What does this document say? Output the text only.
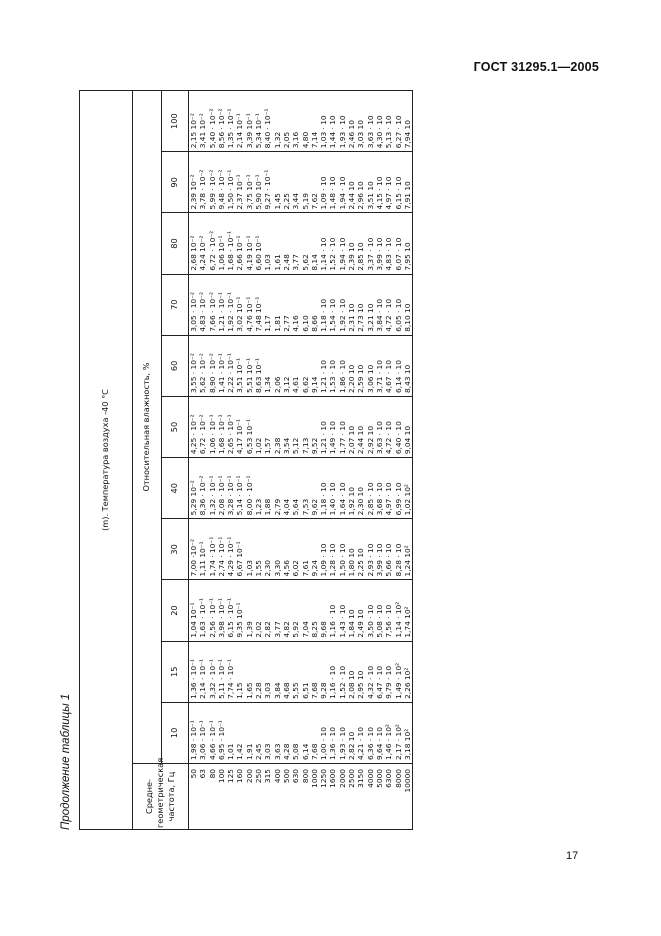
ГОСТ 31295.1—2005
Продолжение таблицы 1
(m). Температура воздуха -40 °С											
Средне-
геометрическая
частота, Гц	Относительная влажность, %										
	10	15	20	30	40	50	60	70	80	90	100
50	1,98 · 10⁻¹	1,36 · 10⁻¹	1,04 10⁻¹	7,00 ·10⁻²	5,29 10⁻²	4,25 · 10⁻²	3,55 · 10⁻²	3,05 · 10⁻²	2,68 10⁻²	2,39 10⁻²	2,15 10⁻²
63	3,06 · 10⁻¹	2,14 · 10⁻¹	1,63 · 10⁻¹	1,11 10⁻¹	8,36 · 10⁻²	6,72 · 10⁻²	5,62 · 10⁻²	4,83 · 10⁻²	4,24 10⁻²	3,78 · 10⁻²	3,41 10⁻²
80	4,66 · 10⁻¹	3,32 · 10⁻¹	2,56 · 10⁻¹	1,74 · 10⁻¹	1,32 · 10⁻¹	1,06 · 10⁻¹	8,90 · 10⁻²	7,66 · 10⁻²	6,72 · 10⁻²	5,99 · 10⁻²	5,40 · 10⁻²
100	6,95 · 10⁻¹	5,11 · 10⁻¹	3,98 · 10⁻¹	2,74 · 10⁻¹	2,08 · 10⁻¹	1,68 · 10⁻¹	1,41 · 10⁻¹	1,21 · 10⁻¹	1,06 10⁻¹	9,48 · 10⁻²	8,56 · 10⁻²
125	1,01	7,74 · 10⁻¹	6,15 · 10⁻¹	4,29 · 10⁻¹	3,28 · 10⁻¹	2,65 · 10⁻¹	2,22 · 10⁻¹	1,92 · 10⁻¹	1,68 · 10⁻¹	1,50 · 10⁻¹	1,35 · 10⁻¹
160	1,42	1,15	9,35 10⁻¹	6,67 10⁻¹	5,14 · 10⁻¹	4,17 10⁻¹	3,51 10⁻¹	3,02 10⁻¹	2,66 10⁻¹	2,37 10⁻¹	2,14 10⁻¹
200	1,91	1,65	1,39	1,03	8,00 · 10⁻¹	6,53 10⁻¹	5,51 10⁻¹	4,76 10⁻¹	4,19 10⁻¹	3,75 10⁻¹	3,39 10⁻¹
250	2,45	2,28	2,02	1,55	1,23	1,02	8,63 10⁻¹	7,48 10⁻¹	6,60 10⁻¹	5,90 10⁻¹	5,34 10⁻¹
315	3,03	3,03	2,82	2,30	1,88	1,57	1,34	1,17	1,03	9,27 · 10⁻¹	8,40 · 10⁻¹
400	3,63	3,84	3,77	3,30	2,79	2,38	2,06	1,81	1,61	1,45	1,32
500	4,28	4,68	4,82	4,56	4,04	3,54	3,12	2,77	2,48	2,25	2,05
630	5,08	5,55	5,92	6,02	5,64	5,12	4,61	4,16	3,77	3,44	3,16
800	6,14	6,51	7,04	7,61	7,53	7,13	6,62	6,10	5,62	5,19	4,80
1000	7,68	7,68	8,25	9,24	9,62	9,52	9,14	8,66	8,14	7,62	7,14
1250	1,00 · 10	9,28	9,68	1,09 · 10	1,18 · 10	1,21 · 10	1,21 · 10	1,18 · 10	1,14 · 10	1,09 · 10	1,03 · 10
1600	1,36 · 10	1,16 · 10	1,16 · 10	1,28 · 10	1,40 · 10	1,49 · 10	1,53 · 10	1,54 · 10	1,52 · 10	1,48 · 10	1,44 · 10
2000	1,93 · 10	1,52 · 10	1,43 · 10	1,50 · 10	1,64 · 10	1,77 · 10	1,86 · 10	1,92 · 10	1,94 · 10	1,94 · 10	1,93 · 10
2500	2,82 10	2,08 10	1,84 10	1,80 10	1,92 10	2,07 10	2,20 10	2,31 10	2,39 10	2,44 10	2,46 10
3150	4,21 · 10	2,95 10	2,49 10	2,25 10	2,30 10	2,44 10	2,59 10	2,73 10	2,85 10	2,96 10	3,03 10
4000	6,36 · 10	4,32 · 10	3,50 · 10	2,93 · 10	2,85 · 10	2,92 10	3,06 10	3,21 10	3,37 · 10	3,51 10	3,63 · 10
5000	9,64 · 10	6,47 · 10	5,08 · 10	3,99 · 10	3,68 · 10	3,63 · 10	3,71 · 10	3,84 · 10	3,99 · 10	4,15 · 10	4,30 · 10
6300	1,46 · 10²	9,79 · 10	7,56 · 10	5,66 · 10	4,97 · 10	4,72 · 10	4,67 · 10	4,72 · 10	4,83 · 10	4,97 · 10	5,13 · 10
8000	2,17 · 10²	1,49 · 10²	1,14 · 10²	8,28 · 10	6,99 · 10	6,40 · 10	6,14 · 10	6,05 · 10	6,07 · 10	6,15 · 10	6,27 · 10
10000	3,18 10²	2,26 10²	1,74 10²	1,24 10²	1,02 10²	9,04 10	8,43 10	8,10 10	7,95 10	7,91 10	7,94 10
17
